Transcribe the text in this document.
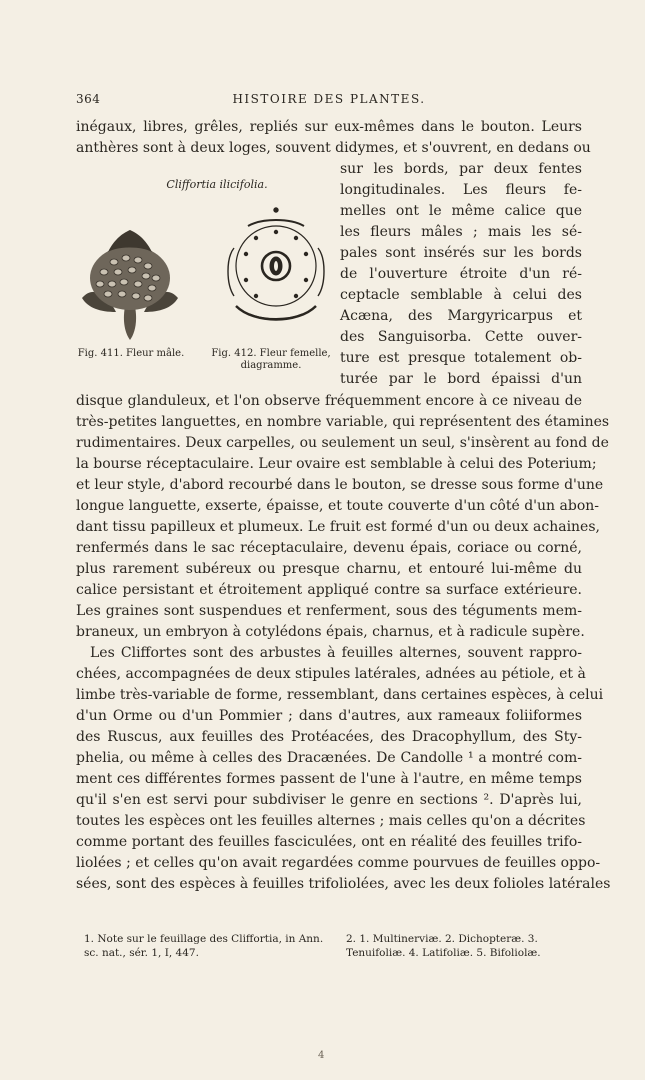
364	HISTOIRE DES PLANTES.
Cliffortia ilicifolia.
Fig. 411. Fleur mâle.	Fig. 412. Fleur femelle, diagramme.
inégaux, libres, grêles, repliés sur eux-mêmes dans le bouton. Leurs
anthères sont à deux loges, souvent didymes, et s'ouvrent, en dedans ou
sur les bords, par deux fentes
longitudinales. Les fleurs fe-
melles ont le même calice que
les fleurs mâles ; mais les sé-
pales sont insérés sur les bords
de l'ouverture étroite d'un ré-
ceptacle semblable à celui des
Acæna, des Margyricarpus et
des Sanguisorba. Cette ouver-
ture est presque totalement ob-
turée par le bord épaissi d'un
disque glanduleux, et l'on observe fréquemment encore à ce niveau de
très-petites languettes, en nombre variable, qui représentent des étamines
rudimentaires. Deux carpelles, ou seulement un seul, s'insèrent au fond de
la bourse réceptaculaire. Leur ovaire est semblable à celui des Poterium;
et leur style, d'abord recourbé dans le bouton, se dresse sous forme d'une
longue languette, exserte, épaisse, et toute couverte d'un côté d'un abon-
dant tissu papilleux et plumeux. Le fruit est formé d'un ou deux achaines,
renfermés dans le sac réceptaculaire, devenu épais, coriace ou corné,
plus rarement subéreux ou presque charnu, et entouré lui-même du
calice persistant et étroitement appliqué contre sa surface extérieure.
Les graines sont suspendues et renferment, sous des téguments mem-
braneux, un embryon à cotylédons épais, charnus, et à radicule supère.
Les Cliffortes sont des arbustes à feuilles alternes, souvent rappro-
chées, accompagnées de deux stipules latérales, adnées au pétiole, et à
limbe très-variable de forme, ressemblant, dans certaines espèces, à celui
d'un Orme ou d'un Pommier ; dans d'autres, aux rameaux foliiformes
des Ruscus, aux feuilles des Protéacées, des Dracophyllum, des Sty-
phelia, ou même à celles des Dracænées. De Candolle ¹ a montré com-
ment ces différentes formes passent de l'une à l'autre, en même temps
qu'il s'en est servi pour subdiviser le genre en sections ². D'après lui,
toutes les espèces ont les feuilles alternes ; mais celles qu'on a décrites
comme portant des feuilles fasciculées, ont en réalité des feuilles trifo-
liolées ; et celles qu'on avait regardées comme pourvues de feuilles oppo-
sées, sont des espèces à feuilles trifoliolées, avec les deux folioles latérales
1. Note sur le feuillage des Cliffortia, in Ann. sc. nat., sér. 1, I, 447.
2. 1. Multinerviæ. 2. Dichopteræ. 3. Tenuifoliæ. 4. Latifoliæ. 5. Bifoliolæ.
4
